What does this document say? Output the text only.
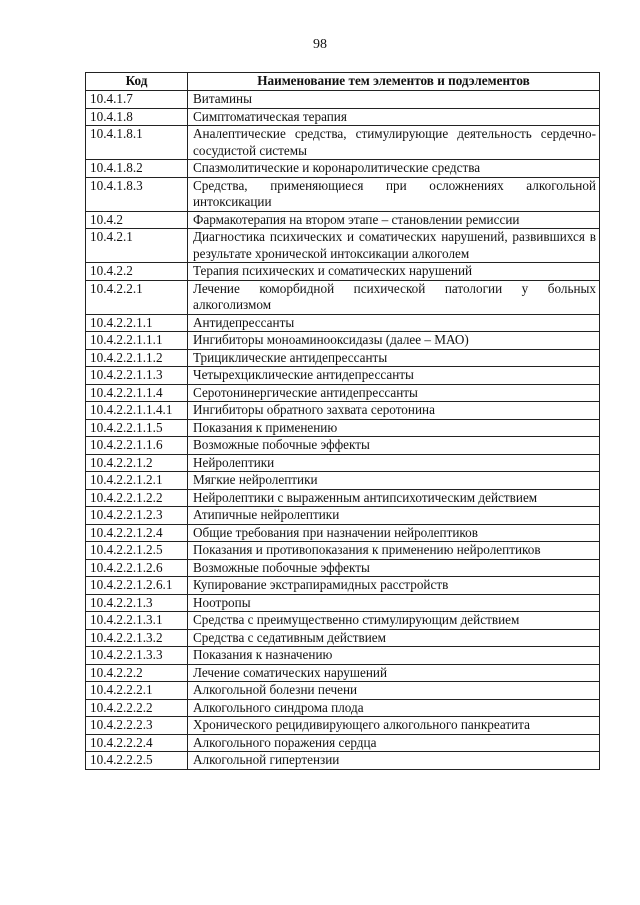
98
Код	Наименование тем элементов и подэлементов
10.4.1.7	Витамины
10.4.1.8	Симптоматическая терапия
10.4.1.8.1	Аналептические средства, стимулирующие деятельность сердечно-сосудистой системы
10.4.1.8.2	Спазмолитические и коронаролитические средства
10.4.1.8.3	Средства, применяющиеся при осложнениях алкогольной интоксикации
10.4.2	Фармакотерапия на втором этапе – становлении ремиссии
10.4.2.1	Диагностика психических и соматических нарушений, развившихся в результате хронической интоксикации алкоголем
10.4.2.2	Терапия психических и соматических нарушений
10.4.2.2.1	Лечение коморбидной психической патологии у больных алкоголизмом
10.4.2.2.1.1	Антидепрессанты
10.4.2.2.1.1.1	Ингибиторы моноаминооксидазы (далее – МАО)
10.4.2.2.1.1.2	Трициклические антидепрессанты
10.4.2.2.1.1.3	Четырехциклические антидепрессанты
10.4.2.2.1.1.4	Серотонинергические антидепрессанты
10.4.2.2.1.1.4.1	Ингибиторы обратного захвата серотонина
10.4.2.2.1.1.5	Показания к применению
10.4.2.2.1.1.6	Возможные побочные эффекты
10.4.2.2.1.2	Нейролептики
10.4.2.2.1.2.1	Мягкие нейролептики
10.4.2.2.1.2.2	Нейролептики с выраженным антипсихотическим действием
10.4.2.2.1.2.3	Атипичные нейролептики
10.4.2.2.1.2.4	Общие требования при назначении нейролептиков
10.4.2.2.1.2.5	Показания и противопоказания к применению нейролептиков
10.4.2.2.1.2.6	Возможные побочные эффекты
10.4.2.2.1.2.6.1	Купирование экстрапирамидных расстройств
10.4.2.2.1.3	Ноотропы
10.4.2.2.1.3.1	Средства с преимущественно стимулирующим действием
10.4.2.2.1.3.2	Средства с седативным действием
10.4.2.2.1.3.3	Показания к назначению
10.4.2.2.2	Лечение соматических нарушений
10.4.2.2.2.1	Алкогольной болезни печени
10.4.2.2.2.2	Алкогольного синдрома плода
10.4.2.2.2.3	Хронического рецидивирующего алкогольного панкреатита
10.4.2.2.2.4	Алкогольного поражения сердца
10.4.2.2.2.5	Алкогольной гипертензии
